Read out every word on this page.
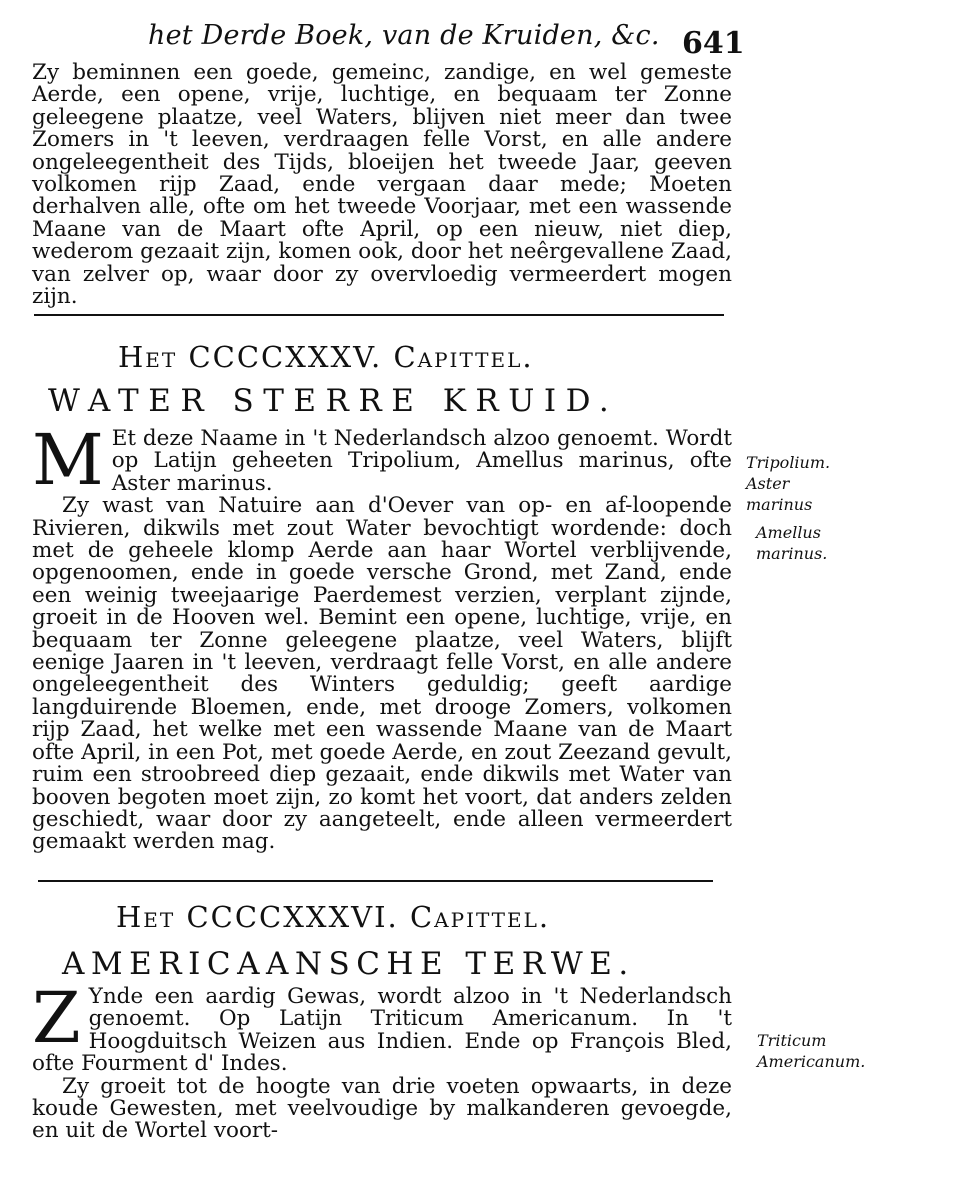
het Derde Boek, van de Kruiden, &c. 641
Zy beminnen een goede, gemeinc, zandige, en wel gemeste Aerde, een opene, vrije, luchtige, en bequaam ter Zonne geleegene plaatze, veel Waters, blijven niet meer dan twee Zomers in 't leeven, verdraagen felle Vorst, en alle andere ongeleegentheit des Tijds, bloeijen het tweede Jaar, geeven volkomen rijp Zaad, ende vergaan daar mede; Moeten derhalven alle, ofte om het tweede Voorjaar, met een wassende Maane van de Maart ofte April, op een nieuw, niet diep, wederom gezaait zijn, komen ook, door het neêrgevallene Zaad, van zelver op, waar door zy overvloedig vermeerdert mogen zijn.
Het CCCCXXXV. Capittel.
WATER STERRE KRUID.
M Et deze Naame in 't Nederlandsch alzoo genoemt. Wordt op Latijn geheeten Tripolium, Amellus marinus, ofte Aster marinus.
Zy wast van Natuire aan d'Oever van op- en af-loopende Rivieren, dikwils met zout Water bevochtigt wordende: doch met de geheele klomp Aerde aan haar Wortel verblijvende, opgenoomen, ende in goede versche Grond, met Zand, ende een weinig tweejaarige Paerdemest verzien, verplant zijnde, groeit in de Hooven wel. Bemint een opene, luchtige, vrije, en bequaam ter Zonne geleegene plaatze, veel Waters, blijft eenige Jaaren in 't leeven, verdraagt felle Vorst, en alle andere ongeleegentheit des Winters geduldig; geeft aardige langduirende Bloemen, ende, met drooge Zomers, volkomen rijp Zaad, het welke met een wassende Maane van de Maart ofte April, in een Pot, met goede Aerde, en zout Zeezand gevult, ruim een stroobreed diep gezaait, ende dikwils met Water van booven begoten moet zijn, zo komt het voort, dat anders zelden geschiedt, waar door zy aangeteelt, ende alleen vermeerdert gemaakt werden mag.
Tripolium. Aster marinus
Amellus marinus.
Het CCCCXXXVI. Capittel.
AMERICAANSCHE TERWE.
Z Ynde een aardig Gewas, wordt alzoo in 't Nederlandsch genoemt. Op Latijn Triticum Americanum. In 't Hoogduitsch Weizen aus Indien. Ende op François Bled, ofte Fourment d' Indes.
Zy groeit tot de hoogte van drie voeten opwaarts, in deze koude Gewesten, met veelvoudige by malkanderen gevoegde, en uit de Wortel voort-
Triticum Americanum.
